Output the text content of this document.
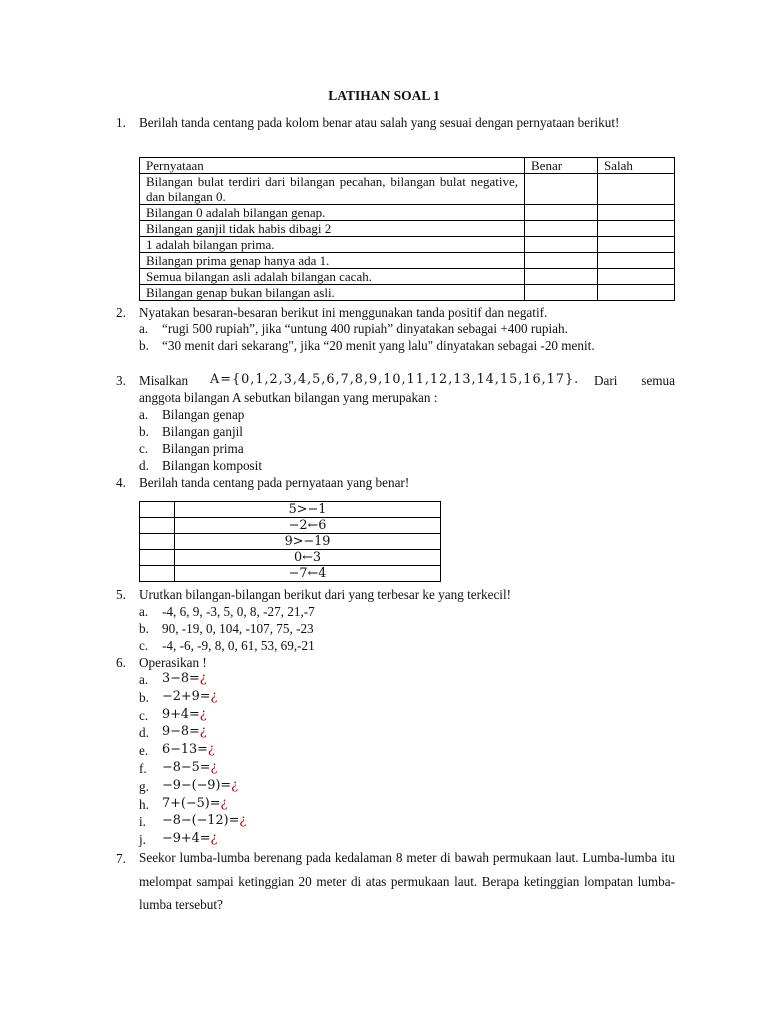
LATIHAN SOAL 1
1. Berilah tanda centang pada kolom benar atau salah yang sesuai dengan pernyataan berikut!
Pernyataan	Benar	Salah
Bilangan bulat terdiri dari bilangan pecahan, bilangan bulat negative, dan bilangan 0.		
Bilangan 0 adalah bilangan genap.		
Bilangan ganjil tidak habis dibagi 2		
1 adalah bilangan prima.		
Bilangan prima genap hanya ada 1.		
Semua bilangan asli adalah bilangan cacah.		
Bilangan genap bukan bilangan asli.		
2. Nyatakan besaran-besaran berikut ini menggunakan tanda positif dan negatif.
a. “rugi 500 rupiah”, jika “untung 400 rupiah” dinyatakan sebagai +400 rupiah.
b. “30 menit dari sekarang", jika “20 menit yang lalu" dinyatakan sebagai -20 menit.
3. Misalkan	A={0,1,2,3,4,5,6,7,8,9,10,11,12,13,14,15,16,17}.	Dari semua
anggota bilangan A sebutkan bilangan yang merupakan :
a. Bilangan genap
b. Bilangan ganjil
c. Bilangan prima
d. Bilangan komposit
4. Berilah tanda centang pada pernyataan yang benar!
	5>−1
	−2←6
	9>−19
	0←3
	−7←4
5. Urutkan bilangan-bilangan berikut dari yang terbesar ke yang terkecil!
a. -4, 6, 9, -3, 5, 0, 8, -27, 21,-7
b. 90, -19, 0, 104, -107, 75, -23
c. -4, -6, -9, 8, 0, 61, 53, 69,-21
6. Operasikan !
a. 3−8=¿
b. −2+9=¿
c. 9+4=¿
d. 9−8=¿
e. 6−13=¿
f. −8−5=¿
g. −9−(−9)=¿
h. 7+(−5)=¿
i. −8−(−12)=¿
j. −9+4=¿
7. Seekor lumba-lumba berenang pada kedalaman 8 meter di bawah permukaan laut. Lumba-lumba itu melompat sampai ketinggian 20 meter di atas permukaan laut. Berapa ketinggian lompatan lumba-lumba tersebut?
